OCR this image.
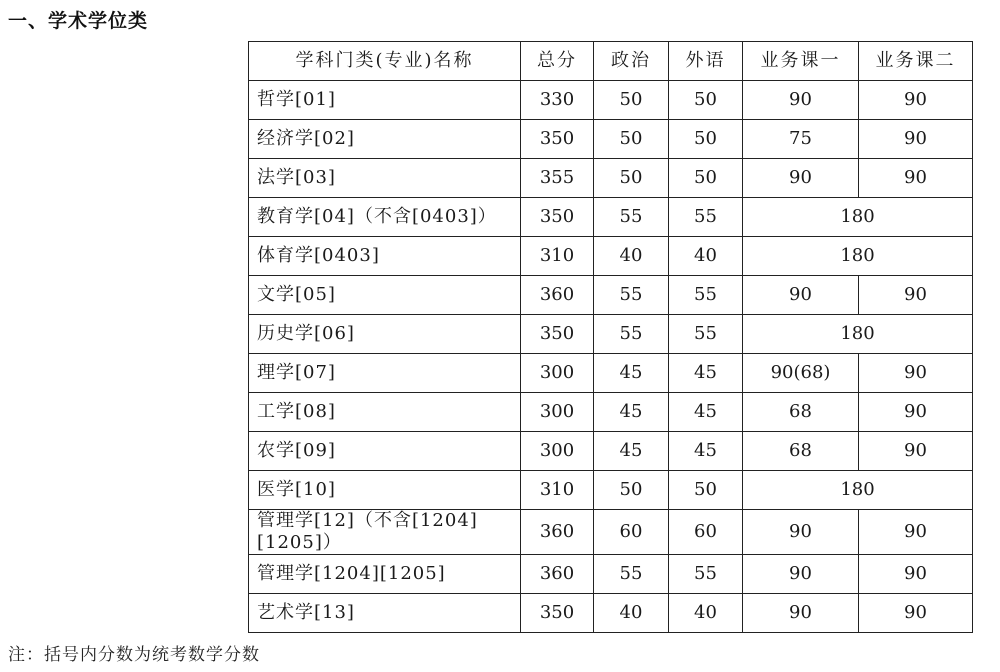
一、学术学位类
学科门类(专业)名称	总分	政治	外语	业务课一	业务课二
哲学[01]	330	50	50	90	90
经济学[02]	350	50	50	75	90
法学[03]	355	50	50	90	90
教育学[04]（不含[0403]）	350	55	55	180	
体育学[0403]	310	40	40	180	
文学[05]	360	55	55	90	90
历史学[06]	350	55	55	180	
理学[07]	300	45	45	90(68)	90
工学[08]	300	45	45	68	90
农学[09]	300	45	45	68	90
医学[10]	310	50	50	180	
管理学[12]（不含[1204][1205]）	360	60	60	90	90
管理学[1204][1205]	360	55	55	90	90
艺术学[13]	350	40	40	90	90
注：括号内分数为统考数学分数
